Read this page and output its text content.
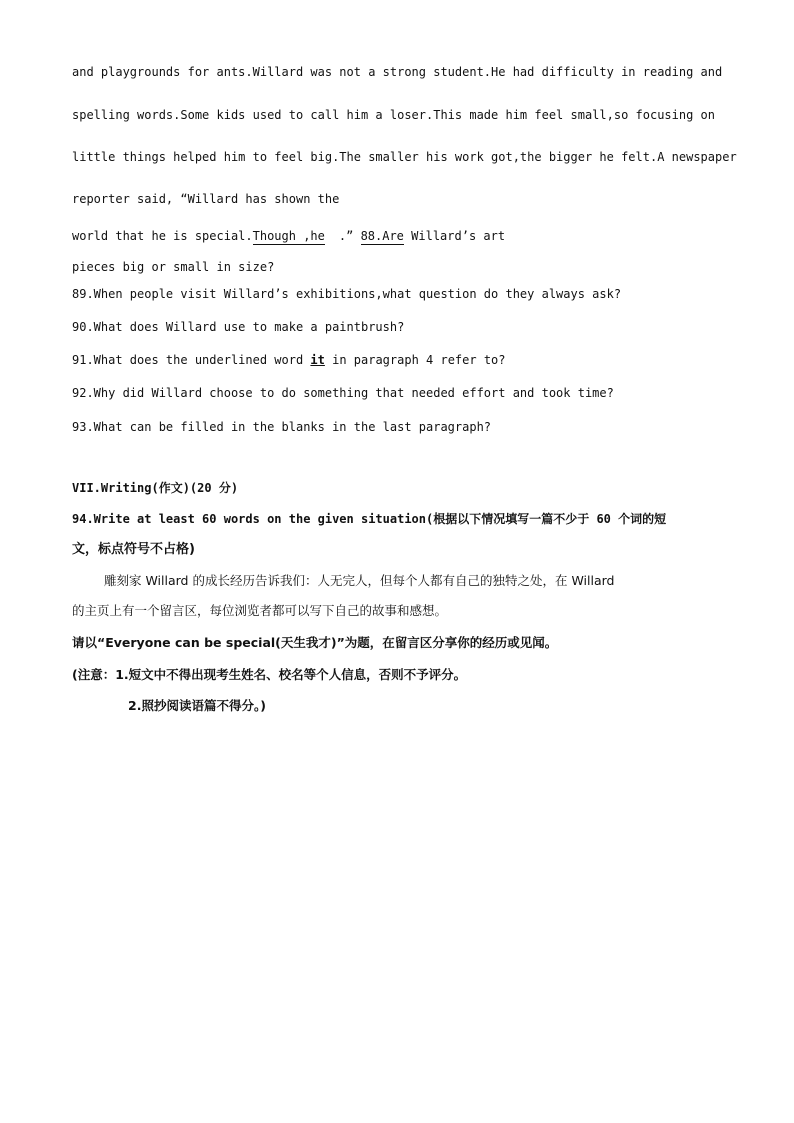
and playgrounds for ants.Willard was not a strong student.He had difficulty in reading and
spelling words.Some kids used to call him a loser.This made him feel small,so focusing on
little things helped him to feel big.The smaller his work got,the bigger he felt.A newspaper
reporter said, “Willard has shown the
world that he is special.Though ,he .” 88.Are Willard’s art
pieces big or small in size?
89.When people visit Willard’s exhibitions,what question do they always ask?
90.What does Willard use to make a paintbrush?
91.What does the underlined word it in paragraph 4 refer to?
92.Why did Willard choose to do something that needed effort and took time?
93.What can be filled in the blanks in the last paragraph?
VII.Writing(作文)(20 分)
94.Write at least 60 words on the given situation(根据以下情况填写一篇不少于 60 个词的短
文，标点符号不占格)
雕刻家 Willard 的成长经历告诉我们：人无完人，但每个人都有自己的独特之处，在 Willard
的主页上有一个留言区，每位浏览者都可以写下自己的故事和感想。
请以“Everyone can be special(天生我才)”为题，在留言区分享你的经历或见闻。
(注意：1.短文中不得出现考生姓名、校名等个人信息，否则不予评分。
2.照抄阅读语篇不得分。)
